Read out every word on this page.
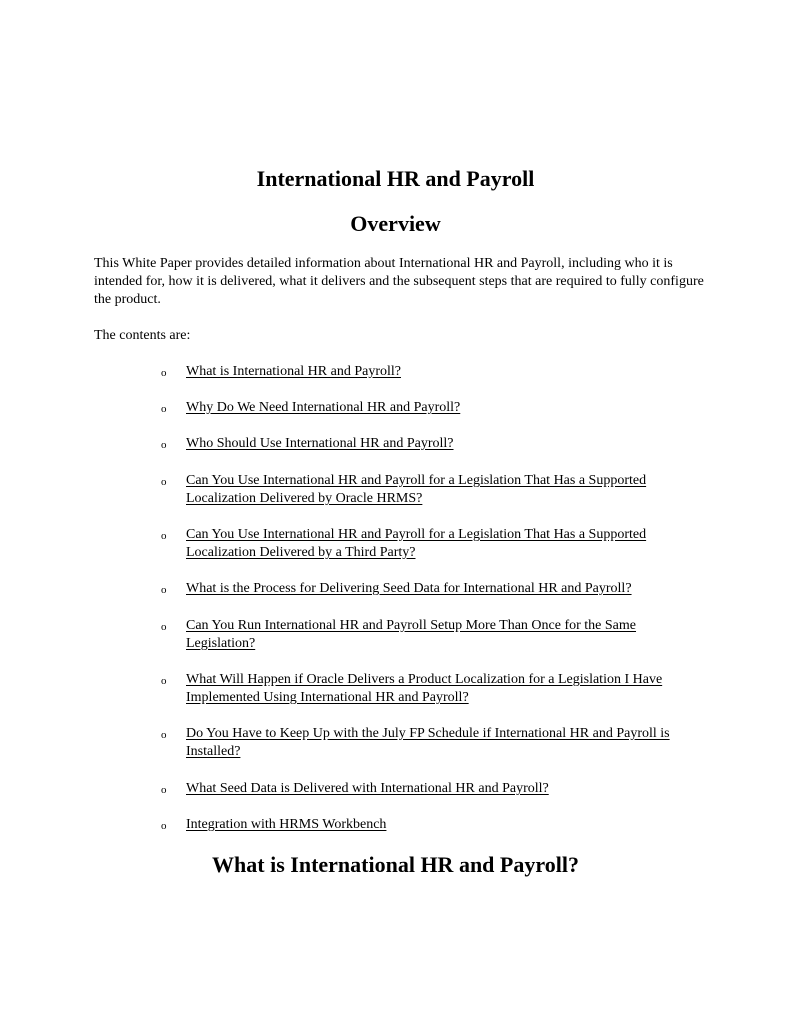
International HR and Payroll
Overview

This White Paper provides detailed information about International HR and Payroll, including who it is intended for, how it is delivered, what it delivers and the subsequent steps that are required to fully configure the product.

The contents are:

o What is International HR and Payroll?
o Why Do We Need International HR and Payroll?
o Who Should Use International HR and Payroll?
o Can You Use International HR and Payroll for a Legislation That Has a Supported Localization Delivered by Oracle HRMS?
o Can You Use International HR and Payroll for a Legislation That Has a Supported Localization Delivered by a Third Party?
o What is the Process for Delivering Seed Data for International HR and Payroll?
o Can You Run International HR and Payroll Setup More Than Once for the Same Legislation?
o What Will Happen if Oracle Delivers a Product Localization for a Legislation I Have Implemented Using International HR and Payroll?
o Do You Have to Keep Up with the July FP Schedule if International HR and Payroll is Installed?
o What Seed Data is Delivered with International HR and Payroll?
o Integration with HRMS Workbench
What is International HR and Payroll?
